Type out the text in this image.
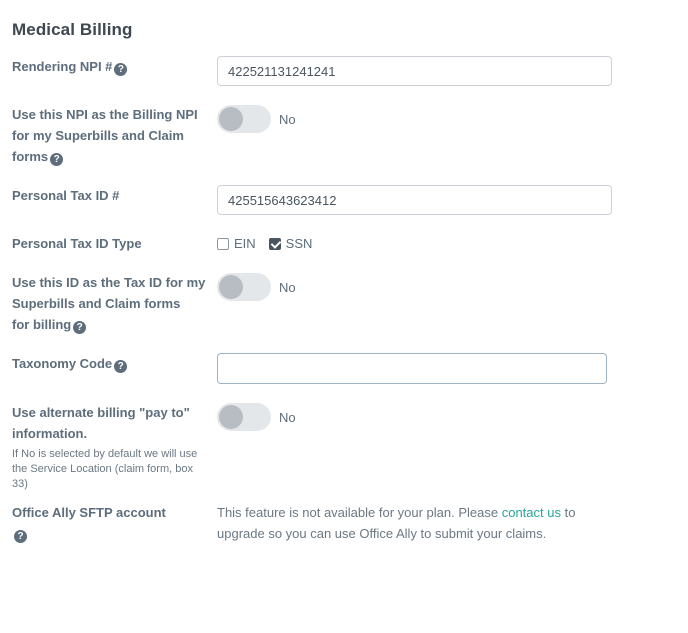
Medical Billing
Rendering NPI # ?
422521131241241
Use this NPI as the Billing NPI for my Superbills and Claim forms ?
No
Personal Tax ID #
425515643623412
Personal Tax ID Type	EIN SSN
Use this ID as the Tax ID for my Superbills and Claim forms
for billing ?
No
Taxonomy Code ?
Use alternate billing "pay to" information.
If No is selected by default we will use the Service Location (claim form, box 33)
No
Office Ally SFTP account
?
This feature is not available for your plan. Please contact us to upgrade so you can use Office Ally to submit your claims.
